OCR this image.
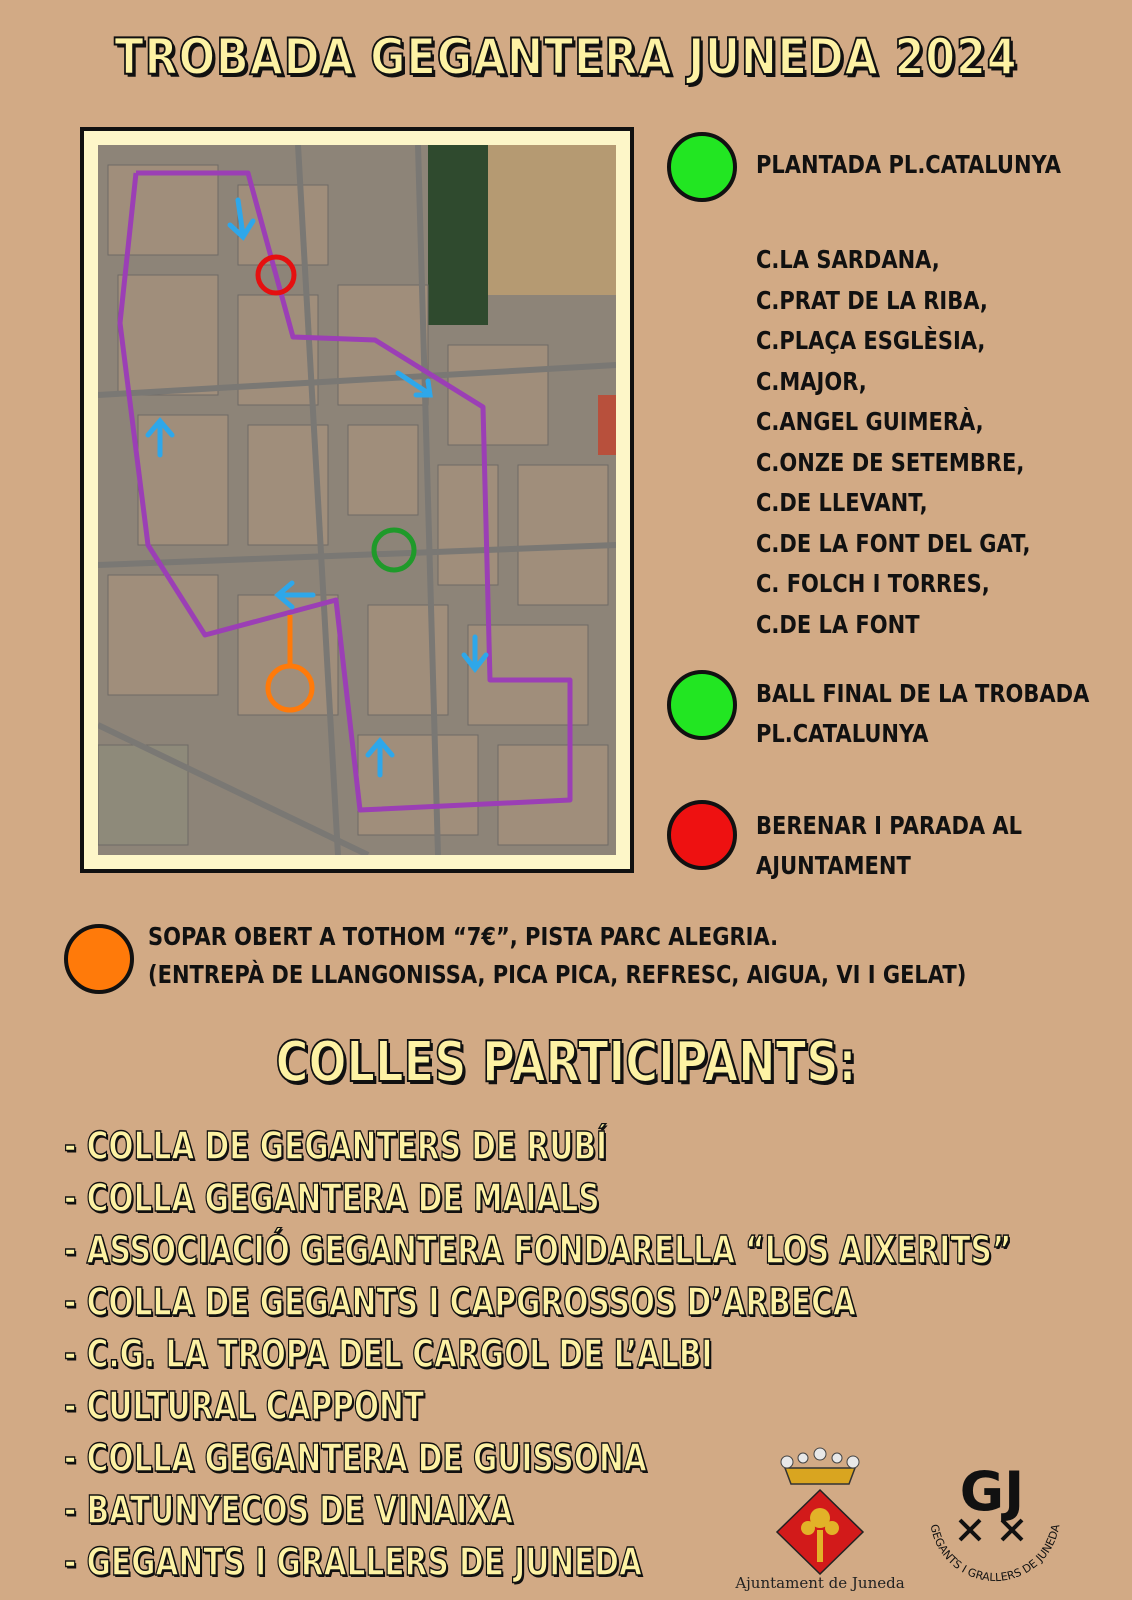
TROBADA GEGANTERA JUNEDA 2024
PLANTADA PL.CATALUNYA
C.LA SARDANA,
C.PRAT DE LA RIBA,
C.PLAÇA ESGLÈSIA,
C.MAJOR,
C.ANGEL GUIMERÀ,
C.ONZE DE SETEMBRE,
C.DE LLEVANT,
C.DE LA FONT DEL GAT,
C. FOLCH I TORRES,
C.DE LA FONT
BALL FINAL DE LA TROBADA
PL.CATALUNYA
BERENAR I PARADA AL
AJUNTAMENT
SOPAR OBERT A TOTHOM “7€”, PISTA PARC ALEGRIA.
(ENTREPÀ DE LLANGONISSA, PICA PICA, REFRESC, AIGUA, VI I GELAT)
COLLES PARTICIPANTS:
- COLLA DE GEGANTERS DE RUBÍ
- COLLA GEGANTERA DE MAIALS
- ASSOCIACIÓ GEGANTERA FONDARELLA “LOS AIXERITS”
- COLLA DE GEGANTS I CAPGROSSOS D’ARBECA
- C.G. LA TROPA DEL CARGOL DE L’ALBI
- CULTURAL CAPPONT
- COLLA GEGANTERA DE GUISSONA
- BATUNYECOS DE VINAIXA
- GEGANTS I GRALLERS DE JUNEDA	Ajuntament de Juneda
GJ
GEGANTS I GRALLERS DE JUNEDA
